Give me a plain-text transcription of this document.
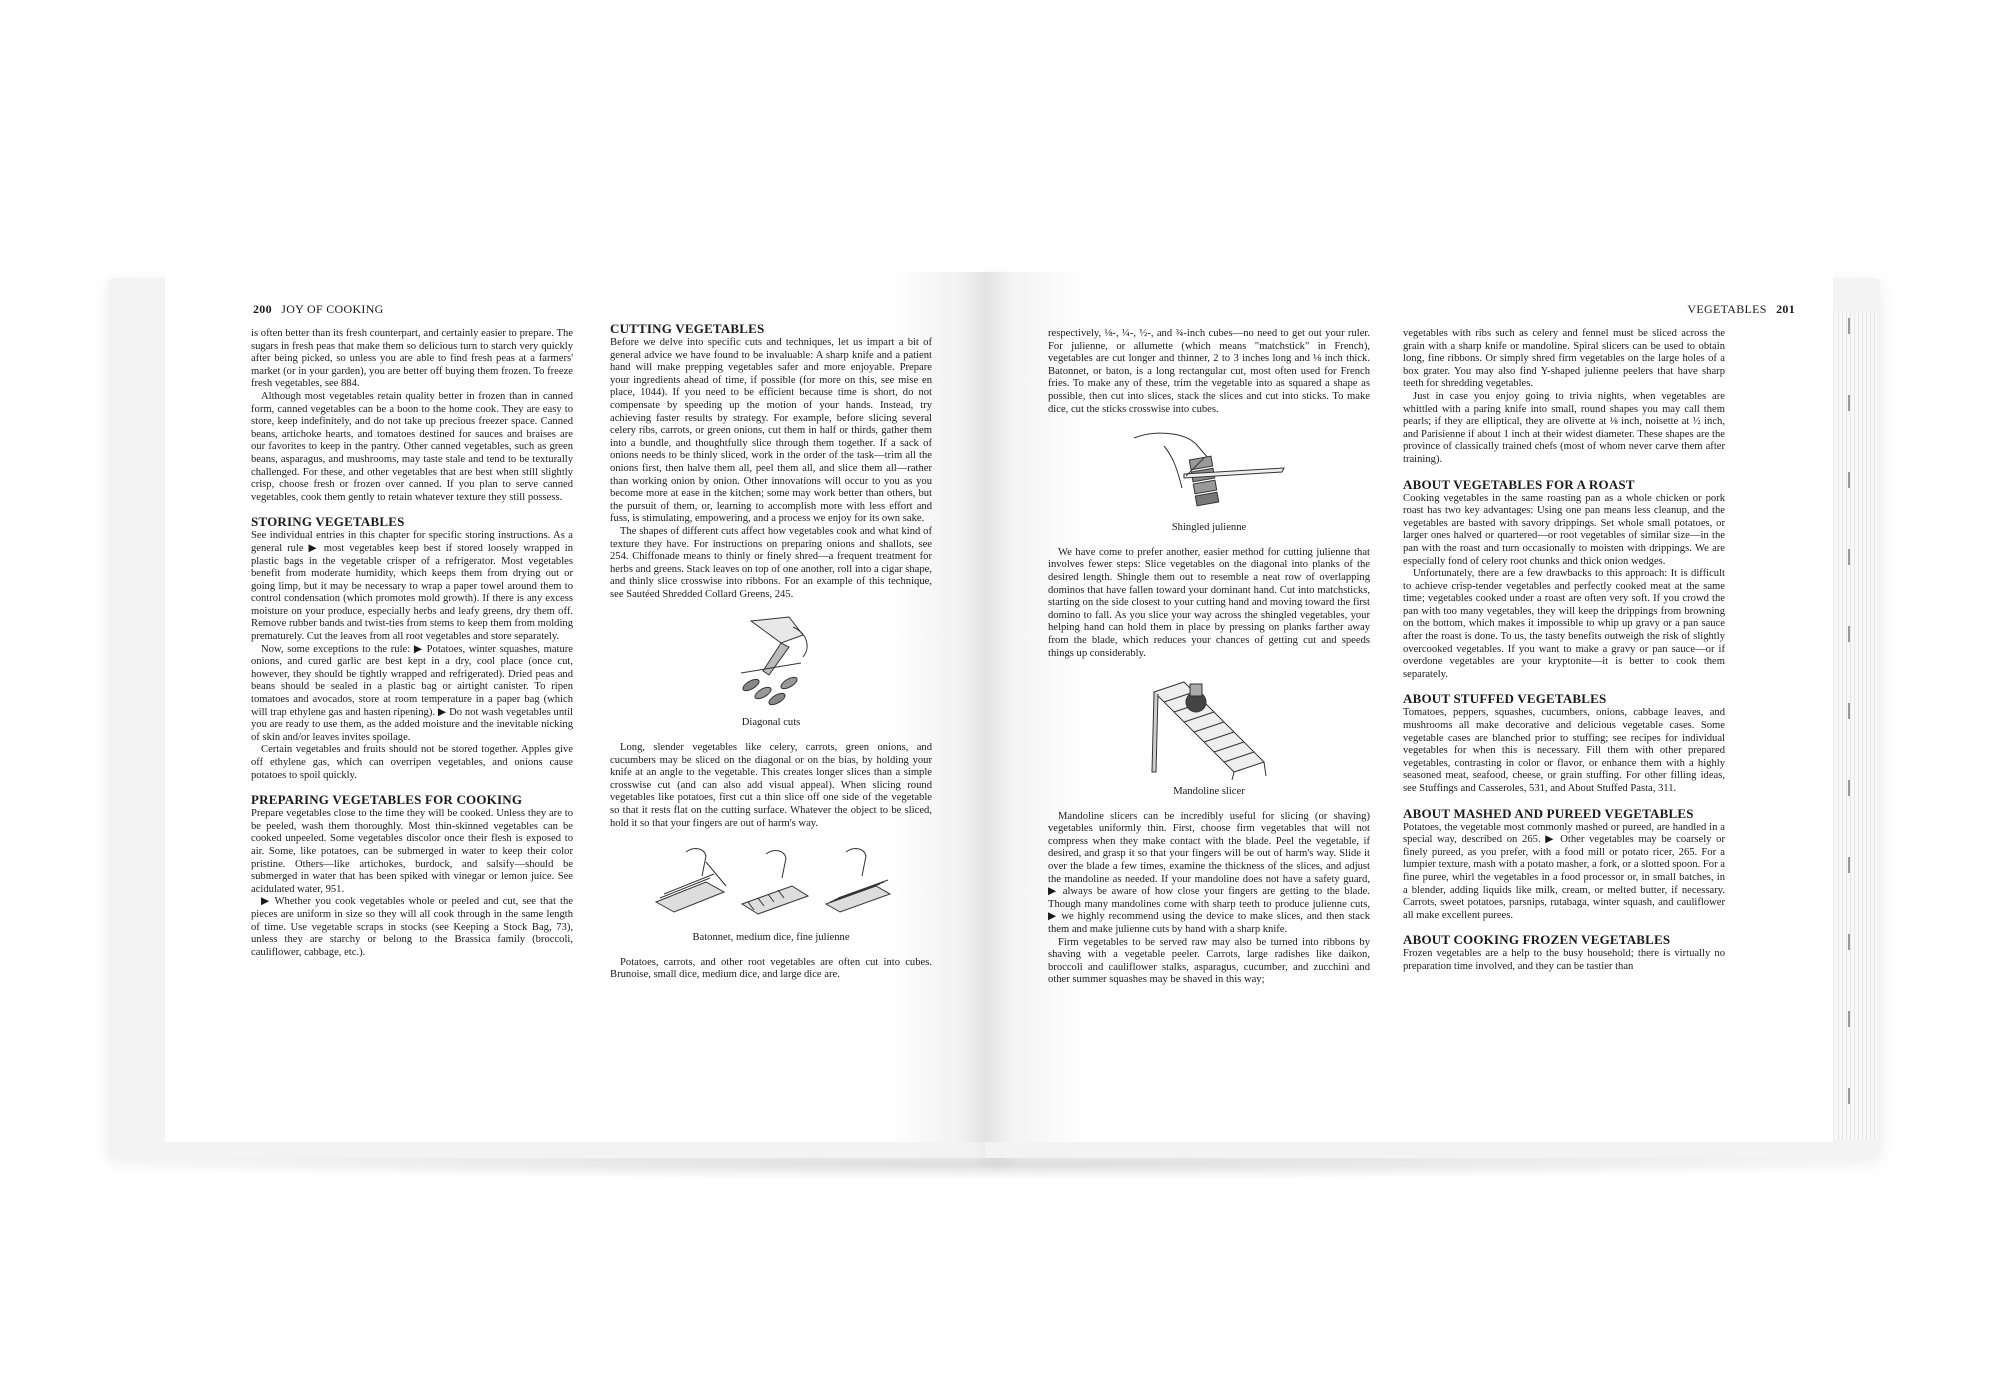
200 JOY OF COOKING

is often better than its fresh counterpart, and certainly easier to prepare. The sugars in fresh peas that make them so delicious turn to starch very quickly after being picked, so unless you are able to find fresh peas at a farmers' market (or in your garden), you are better off buying them frozen. To freeze fresh vegetables, see 884.

Although most vegetables retain quality better in frozen than in canned form, canned vegetables can be a boon to the home cook. They are easy to store, keep indefinitely, and do not take up precious freezer space. Canned beans, artichoke hearts, and tomatoes destined for sauces and braises are our favorites to keep in the pantry. Other canned vegetables, such as green beans, asparagus, and mushrooms, may taste stale and tend to be texturally challenged. For these, and other vegetables that are best when still slightly crisp, choose fresh or frozen over canned. If you plan to serve canned vegetables, cook them gently to retain whatever texture they still possess.

STORING VEGETABLES

See individual entries in this chapter for specific storing instructions. As a general rule ▶ most vegetables keep best if stored loosely wrapped in plastic bags in the vegetable crisper of a refrigerator. Most vegetables benefit from moderate humidity, which keeps them from drying out or going limp, but it may be necessary to wrap a paper towel around them to control condensation (which promotes mold growth). If there is any excess moisture on your produce, especially herbs and leafy greens, dry them off. Remove rubber bands and twist-ties from stems to keep them from molding prematurely. Cut the leaves from all root vegetables and store separately.

Now, some exceptions to the rule: ▶ Potatoes, winter squashes, mature onions, and cured garlic are best kept in a dry, cool place (once cut, however, they should be tightly wrapped and refrigerated). Dried peas and beans should be sealed in a plastic bag or airtight canister. To ripen tomatoes and avocados, store at room temperature in a paper bag (which will trap ethylene gas and hasten ripening). ▶ Do not wash vegetables until you are ready to use them, as the added moisture and the inevitable nicking of skin and/or leaves invites spoilage.

Certain vegetables and fruits should not be stored together. Apples give off ethylene gas, which can overripen vegetables, and onions cause potatoes to spoil quickly.

PREPARING VEGETABLES FOR COOKING

Prepare vegetables close to the time they will be cooked. Unless they are to be peeled, wash them thoroughly. Most thin-skinned vegetables can be cooked unpeeled. Some vegetables discolor once their flesh is exposed to air. Some, like potatoes, can be submerged in water to keep their color pristine. Others—like artichokes, burdock, and salsify—should be submerged in water that has been spiked with vinegar or lemon juice. See acidulated water, 951.

▶ Whether you cook vegetables whole or peeled and cut, see that the pieces are uniform in size so they will all cook through in the same length of time. Use vegetable scraps in stocks (see Keeping a Stock Bag, 73), unless they are starchy or belong to the Brassica family (broccoli, cauliflower, cabbage, etc.).

CUTTING VEGETABLES

Before we delve into specific cuts and techniques, let us impart a bit of general advice we have found to be invaluable: A sharp knife and a patient hand will make prepping vegetables safer and more enjoyable. Prepare your ingredients ahead of time, if possible (for more on this, see mise en place, 1044). If you need to be efficient because time is short, do not compensate by speeding up the motion of your hands. Instead, try achieving faster results by strategy. For example, before slicing several celery ribs, carrots, or green onions, cut them in half or thirds, gather them into a bundle, and thoughtfully slice through them together. If a sack of onions needs to be thinly sliced, work in the order of the task—trim all the onions first, then halve them all, peel them all, and slice them all—rather than working onion by onion. Other innovations will occur to you as you become more at ease in the kitchen; some may work better than others, but the pursuit of them, or, learning to accomplish more with less effort and fuss, is stimulating, empowering, and a process we enjoy for its own sake.

The shapes of different cuts affect how vegetables cook and what kind of texture they have. For instructions on preparing onions and shallots, see 254. Chiffonade means to thinly or finely shred—a frequent treatment for herbs and greens. Stack leaves on top of one another, roll into a cigar shape, and thinly slice crosswise into ribbons. For an example of this technique, see Sautéed Shredded Collard Greens, 245.

Diagonal cuts

Long, slender vegetables like celery, carrots, green onions, and cucumbers may be sliced on the diagonal or on the bias, by holding your knife at an angle to the vegetable. This creates longer slices than a simple crosswise cut (and can also add visual appeal). When slicing round vegetables like potatoes, first cut a thin slice off one side of the vegetable so that it rests flat on the cutting surface. Whatever the object to be sliced, hold it so that your fingers are out of harm's way.

Batonnet, medium dice, fine julienne

Potatoes, carrots, and other root vegetables are often cut into cubes. Brunoise, small dice, medium dice, and large dice are.

VEGETABLES 201

respectively, ⅛-, ¼-, ½-, and ¾-inch cubes—no need to get out your ruler. For julienne, or allumette (which means "matchstick" in French), vegetables are cut longer and thinner, 2 to 3 inches long and ⅛ inch thick. Batonnet, or baton, is a long rectangular cut, most often used for French fries. To make any of these, trim the vegetable into as squared a shape as possible, then cut into slices, stack the slices and cut into sticks. To make dice, cut the sticks crosswise into cubes.

Shingled julienne

We have come to prefer another, easier method for cutting julienne that involves fewer steps: Slice vegetables on the diagonal into planks of the desired length. Shingle them out to resemble a neat row of overlapping dominos that have fallen toward your dominant hand. Cut into matchsticks, starting on the side closest to your cutting hand and moving toward the first domino to fall. As you slice your way across the shingled vegetables, your helping hand can hold them in place by pressing on planks farther away from the blade, which reduces your chances of getting cut and speeds things up considerably.

Mandoline slicer

Mandoline slicers can be incredibly useful for slicing (or shaving) vegetables uniformly thin. First, choose firm vegetables that will not compress when they make contact with the blade. Peel the vegetable, if desired, and grasp it so that your fingers will be out of harm's way. Slide it over the blade a few times, examine the thickness of the slices, and adjust the mandoline as needed. If your mandoline does not have a safety guard, ▶ always be aware of how close your fingers are getting to the blade. Though many mandolines come with sharp teeth to produce julienne cuts, ▶ we highly recommend using the device to make slices, and then stack them and make julienne cuts by hand with a sharp knife.

Firm vegetables to be served raw may also be turned into ribbons by shaving with a vegetable peeler. Carrots, large radishes like daikon, broccoli and cauliflower stalks, asparagus, cucumber, and zucchini and other summer squashes may be shaved in this way;

vegetables with ribs such as celery and fennel must be sliced across the grain with a sharp knife or mandoline. Spiral slicers can be used to obtain long, fine ribbons. Or simply shred firm vegetables on the large holes of a box grater. You may also find Y-shaped julienne peelers that have sharp teeth for shredding vegetables.

Just in case you enjoy going to trivia nights, when vegetables are whittled with a paring knife into small, round shapes you may call them pearls; if they are elliptical, they are olivette at ⅛ inch, noisette at ½ inch, and Parisienne if about 1 inch at their widest diameter. These shapes are the province of classically trained chefs (most of whom never carve them after training).

ABOUT VEGETABLES FOR A ROAST

Cooking vegetables in the same roasting pan as a whole chicken or pork roast has two key advantages: Using one pan means less cleanup, and the vegetables are basted with savory drippings. Set whole small potatoes, or larger ones halved or quartered—or root vegetables of similar size—in the pan with the roast and turn occasionally to moisten with drippings. We are especially fond of celery root chunks and thick onion wedges.

Unfortunately, there are a few drawbacks to this approach: It is difficult to achieve crisp-tender vegetables and perfectly cooked meat at the same time; vegetables cooked under a roast are often very soft. If you crowd the pan with too many vegetables, they will keep the drippings from browning on the bottom, which makes it impossible to whip up gravy or a pan sauce after the roast is done. To us, the tasty benefits outweigh the risk of slightly overcooked vegetables. If you want to make a gravy or pan sauce—or if overdone vegetables are your kryptonite—it is better to cook them separately.

ABOUT STUFFED VEGETABLES

Tomatoes, peppers, squashes, cucumbers, onions, cabbage leaves, and mushrooms all make decorative and delicious vegetable cases. Some vegetable cases are blanched prior to stuffing; see recipes for individual vegetables for when this is necessary. Fill them with other prepared vegetables, contrasting in color or flavor, or enhance them with a highly seasoned meat, seafood, cheese, or grain stuffing. For other filling ideas, see Stuffings and Casseroles, 531, and About Stuffed Pasta, 311.

ABOUT MASHED AND PUREED VEGETABLES

Potatoes, the vegetable most commonly mashed or pureed, are handled in a special way, described on 265. ▶ Other vegetables may be coarsely or finely pureed, as you prefer, with a food mill or potato ricer, 265. For a lumpier texture, mash with a potato masher, a fork, or a slotted spoon. For a fine puree, whirl the vegetables in a food processor or, in small batches, in a blender, adding liquids like milk, cream, or melted butter, if necessary. Carrots, sweet potatoes, parsnips, rutabaga, winter squash, and cauliflower all make excellent purees.

ABOUT COOKING FROZEN VEGETABLES

Frozen vegetables are a help to the busy household; there is virtually no preparation time involved, and they can be tastier than
